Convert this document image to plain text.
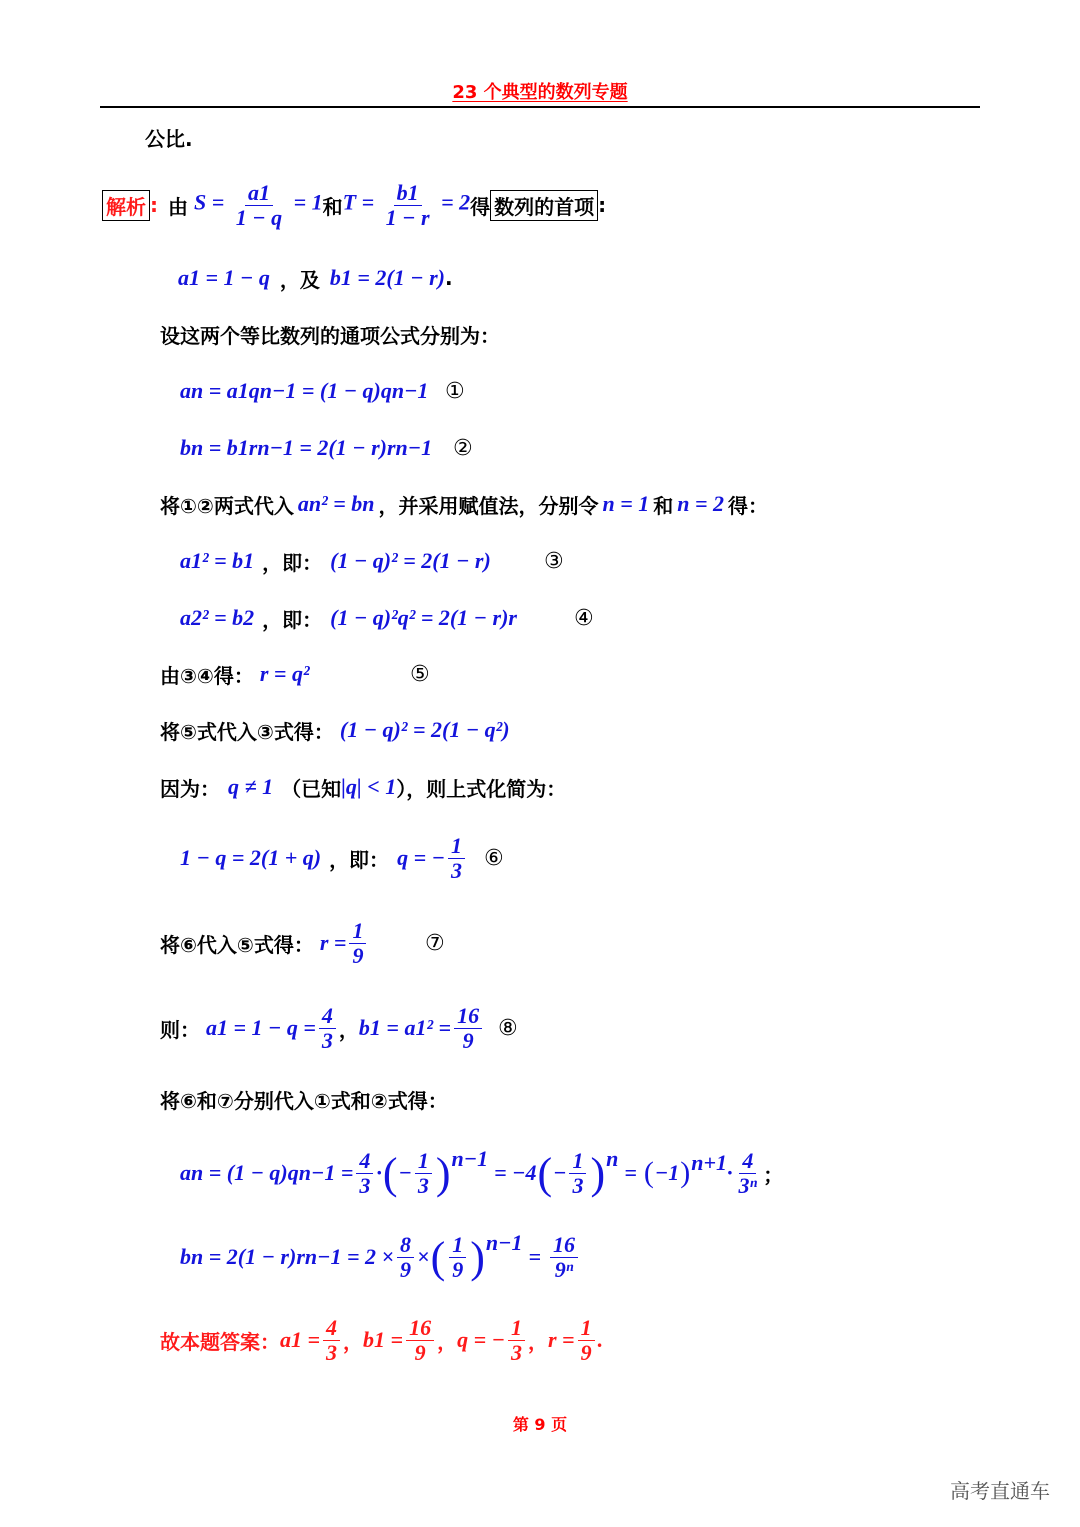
23 个典型的数列专题
公比.
解析 : 由 $S = \frac{a1}{1 - q} = 1$ 和 $T = \frac{b1}{1 - r} = 2$ 得 数列的首项 :
a1 = 1 − q ，及 b1 = 2(1 − r) .
设这两个等比数列的通项公式分别为：
an = a1qn−1 = (1 − q)qn−1 ①
bn = b1rn−1 = 2(1 − r)rn−1 ②
将①②两式代入 an² = bn ，并采用赋值法，分别令 n = 1 和 n = 2 得：
a1² = b1 ，即： (1 − q)² = 2(1 − r) ③
a2² = b2 ，即： (1 − q)²q² = 2(1 − r)r	④
由③④得： r = q²	⑤
将⑤式代入③式得： (1 − q)² = 2(1 − q²)
因为： q ≠ 1 （已知 |q| < 1 ），则上式化简为：
1 − q = 2(1 + q) ，即： q = − $\frac{1}{3}$ ⑥
将⑥代入⑤式得： $r = \frac{1}{9}$	⑦
则： $a1 = 1 - q = \frac{4}{3}$ ， $b1 = a1^2 = \frac{16}{9}$ ⑧
将⑥和⑦分别代入①式和②式得：
an = $(1 - q)qn-1 = \frac{4}{3}$ · ( − $\frac{1}{3} )^{n-1}$
= −4 ( − $\frac{1}{3} )^n$
= ( −1 )$^{n+1} \cdot \frac{4}{\text{3ⁿ}}$ ；
bn = $2(1 - r)rn-1 = 2 \times \frac{8}{9}$ × ( $\frac{1}{9} )^{n-1}$
= $\frac{16}{\text{9ⁿ}}$
故本题答案： $a1 = \frac{4}{3}$ ， $b1 = \frac{16}{9}$ ， q = − $\frac{1}{3}$ ， $r = \frac{1}{9}$ .
第 9 页
高考直通车
